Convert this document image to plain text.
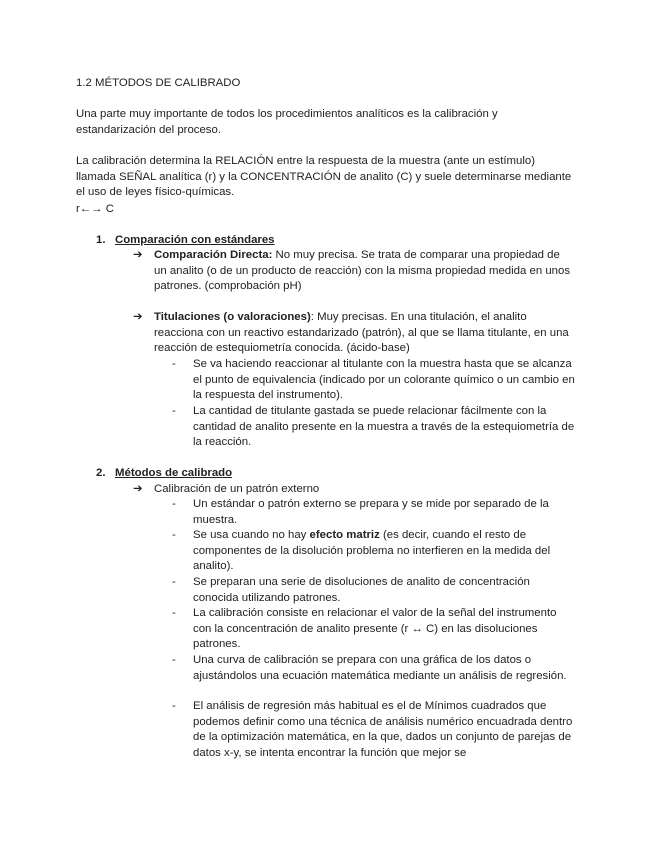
1.2 MÉTODOS DE CALIBRADO

Una parte muy importante de todos los procedimientos analíticos es la calibración y estandarización del proceso.

La calibración determina la RELACIÓN entre la respuesta de la muestra (ante un estímulo) llamada SEÑAL analítica (r) y la CONCENTRACIÓN de analito (C) y suele determinarse mediante el uso de leyes físico-químicas.

r←→ C

1. Comparación con estándares
➔	Comparación Directa: No muy precisa. Se trata de comparar una propiedad de un analito (o de un producto de reacción) con la misma propiedad medida en unos patrones. (comprobación pH)
➔	Titulaciones (o valoraciones): Muy precisas. En una titulación, el analito reacciona con un reactivo estandarizado (patrón), al que se llama titulante, en una reacción de estequiometría conocida. (ácido-base)
- Se va haciendo reaccionar al titulante con la muestra hasta que se alcanza el punto de equivalencia (indicado por un colorante químico o un cambio en la respuesta del instrumento).
- La cantidad de titulante gastada se puede relacionar fácilmente con la cantidad de analito presente en la muestra a través de la estequiometría de la reacción.
2. Métodos de calibrado
➔	Calibración de un patrón externo
- Un estándar o patrón externo se prepara y se mide por separado de la muestra.
- Se usa cuando no hay efecto matriz (es decir, cuando el resto de componentes de la disolución problema no interfieren en la medida del analito).
- Se preparan una serie de disoluciones de analito de concentración conocida utilizando patrones.
- La calibración consiste en relacionar el valor de la señal del instrumento con la concentración de analito presente (r ↔ C) en las disoluciones patrones.
- Una curva de calibración se prepara con una gráfica de los datos o ajustándolos una ecuación matemática mediante un análisis de regresión.
- El análisis de regresión más habitual es el de Mínimos cuadrados que podemos definir como una técnica de análisis numérico encuadrada dentro de la optimización matemática, en la que, dados un conjunto de parejas de datos x-y, se intenta encontrar la función que mejor se
